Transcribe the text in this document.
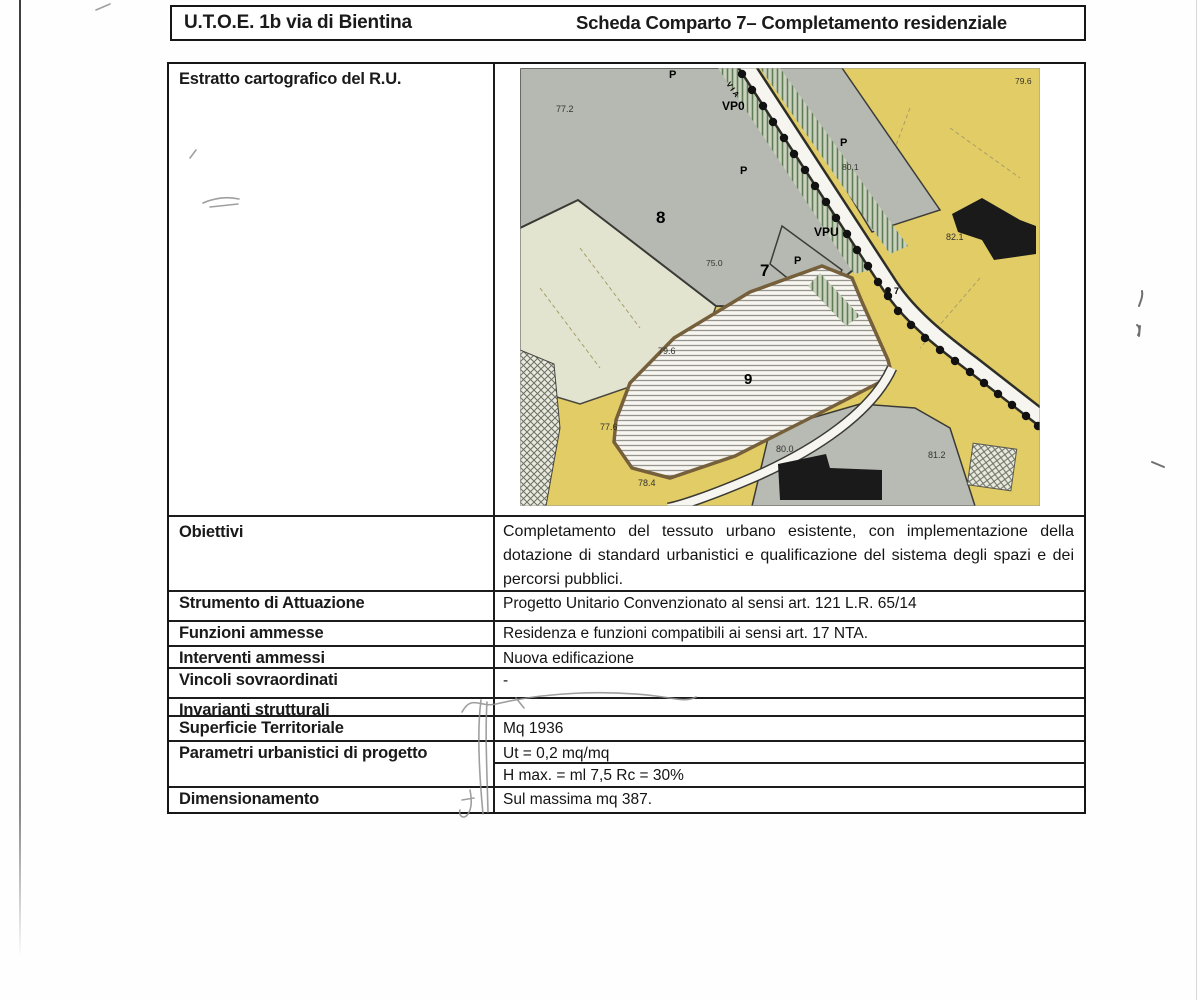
U.T.O.E. 1b via di Bientina	Scheda Comparto 7– Completamento residenziale
Estratto cartografico del R.U.
8
7
9
P
P
P
P
VP0
VPU
77.2
75.0
79.6
79.6
77.6
78.4
80.0
80.1
82.1
81.2
7
VIA
Obiettivi	Completamento del tessuto urbano esistente, con implementazione della dotazione di standard urbanistici e qualificazione del sistema degli spazi e dei percorsi pubblici.
Strumento di Attuazione	Progetto Unitario Convenzionato al sensi art. 121 L.R. 65/14
Funzioni ammesse	Residenza e funzioni compatibili ai sensi art. 17 NTA.
Interventi ammessi	Nuova edificazione
Vincoli sovraordinati	-
Invarianti strutturali
Superficie Territoriale	Mq 1936
Parametri urbanistici di progetto	Ut = 0,2 mq/mq
H max. = ml 7,5 Rc = 30%
Dimensionamento	Sul massima mq 387.
